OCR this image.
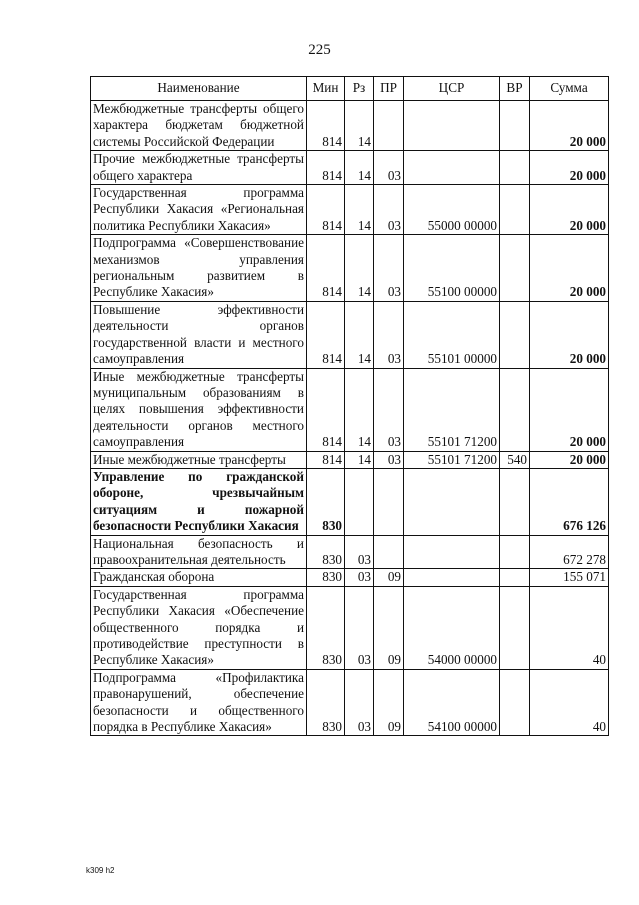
225
Наименование	Мин	Рз	ПР	ЦСР	ВР	Сумма
Межбюджетные трансферты общего характера бюджетам бюджетной системы Российской Федерации	814	14				20 000
Прочие межбюджетные трансферты общего характера	814	14	03			20 000
Государственная программа Республики Хакасия «Региональная политика Республики Хакасия»	814	14	03	55000 00000		20 000
Подпрограмма «Совершенствование механизмов управления региональным развитием в Республике Хакасия»	814	14	03	55100 00000		20 000
Повышение эффективности деятельности органов государственной власти и местного самоуправления	814	14	03	55101 00000		20 000
Иные межбюджетные трансферты муниципальным образованиям в целях повышения эффективности деятельности органов местного самоуправления	814	14	03	55101 71200		20 000
Иные межбюджетные трансферты	814	14	03	55101 71200	540	20 000
Управление по гражданской обороне, чрезвычайным ситуациям и пожарной безопасности Республики Хакасия	830					676 126
Национальная безопасность и правоохранительная деятельность	830	03				672 278
Гражданская оборона	830	03	09			155 071
Государственная программа Республики Хакасия «Обеспечение общественного порядка и противодействие преступности в Республике Хакасия»	830	03	09	54000 00000		40
Подпрограмма «Профилактика правонарушений, обеспечение безопасности и общественного порядка в Республике Хакасия»	830	03	09	54100 00000		40
k309 h2
